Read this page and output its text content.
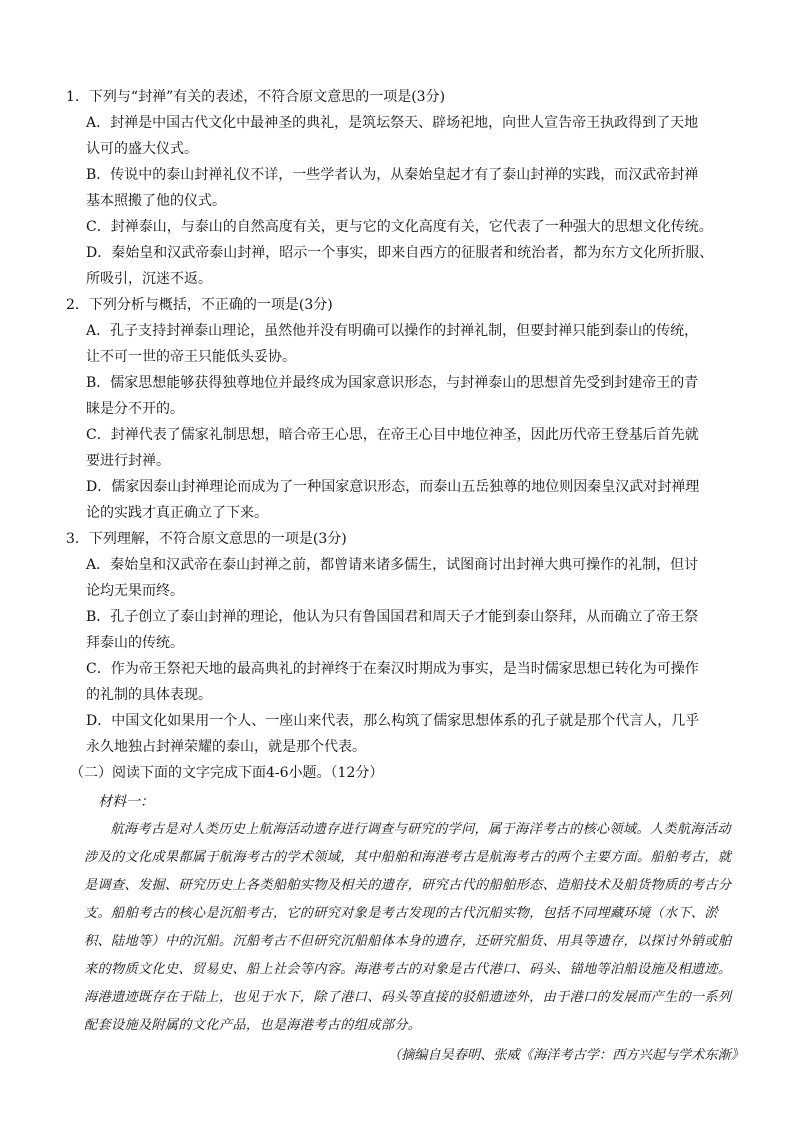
1．下列与“封禅”有关的表述，不符合原文意思的一项是(3分)

A．封禅是中国古代文化中最神圣的典礼，是筑坛祭天、辟场祀地，向世人宣告帝王执政得到了天地
认可的盛大仪式。

B．传说中的泰山封禅礼仪不详，一些学者认为，从秦始皇起才有了泰山封禅的实践，而汉武帝封禅
基本照搬了他的仪式。

C．封禅泰山，与泰山的自然高度有关，更与它的文化高度有关，它代表了一种强大的思想文化传统。

D．秦始皇和汉武帝泰山封禅，昭示一个事实，即来自西方的征服者和统治者，都为东方文化所折服、
所吸引，沉迷不返。

2．下列分析与概括，不正确的一项是(3分)

A．孔子支持封禅泰山理论，虽然他并没有明确可以操作的封禅礼制，但要封禅只能到泰山的传统，
让不可一世的帝王只能低头妥协。

B．儒家思想能够获得独尊地位并最终成为国家意识形态，与封禅泰山的思想首先受到封建帝王的青
睐是分不开的。

C．封禅代表了儒家礼制思想，暗合帝王心思，在帝王心目中地位神圣，因此历代帝王登基后首先就
要进行封禅。

D．儒家因泰山封禅理论而成为了一种国家意识形态，而泰山五岳独尊的地位则因秦皇汉武对封禅理
论的实践才真正确立了下来。

3．下列理解，不符合原文意思的一项是(3分)

A．秦始皇和汉武帝在泰山封禅之前，都曾请来诸多儒生，试图商讨出封禅大典可操作的礼制，但讨
论均无果而终。

B．孔子创立了泰山封禅的理论，他认为只有鲁国国君和周天子才能到泰山祭拜，从而确立了帝王祭
拜泰山的传统。

C．作为帝王祭祀天地的最高典礼的封禅终于在秦汉时期成为事实，是当时儒家思想已转化为可操作
的礼制的具体表现。

D．中国文化如果用一个人、一座山来代表，那么构筑了儒家思想体系的孔子就是那个代言人，几乎
永久地独占封禅荣耀的泰山，就是那个代表。

（二）阅读下面的文字完成下面4-6小题。（12分）

材料一：

航海考古是对人类历史上航海活动遗存进行调查与研究的学问，属于海洋考古的核心领域。人类航海活动涉及的文化成果都属于航海考古的学术领域，其中船舶和海港考古是航海考古的两个主要方面。船舶考古，就是调查、发掘、研究历史上各类船舶实物及相关的遗存，研究古代的船舶形态、造船技术及船货物质的考古分支。船舶考古的核心是沉船考古，它的研究对象是考古发现的古代沉船实物，包括不同埋藏环境（水下、淤积、陆地等）中的沉船。沉船考古不但研究沉船船体本身的遗存，还研究船货、用具等遗存，以探讨外销或舶来的物质文化史、贸易史、船上社会等内容。海港考古的对象是古代港口、码头、锚地等泊船设施及相遗迹。海港遗迹既存在于陆上，也见于水下，除了港口、码头等直接的驳船遗迹外，由于港口的发展而产生的一系列配套设施及附属的文化产品，也是海港考古的组成部分。

（摘编自吴春明、张威《海洋考古学：西方兴起与学术东渐》
